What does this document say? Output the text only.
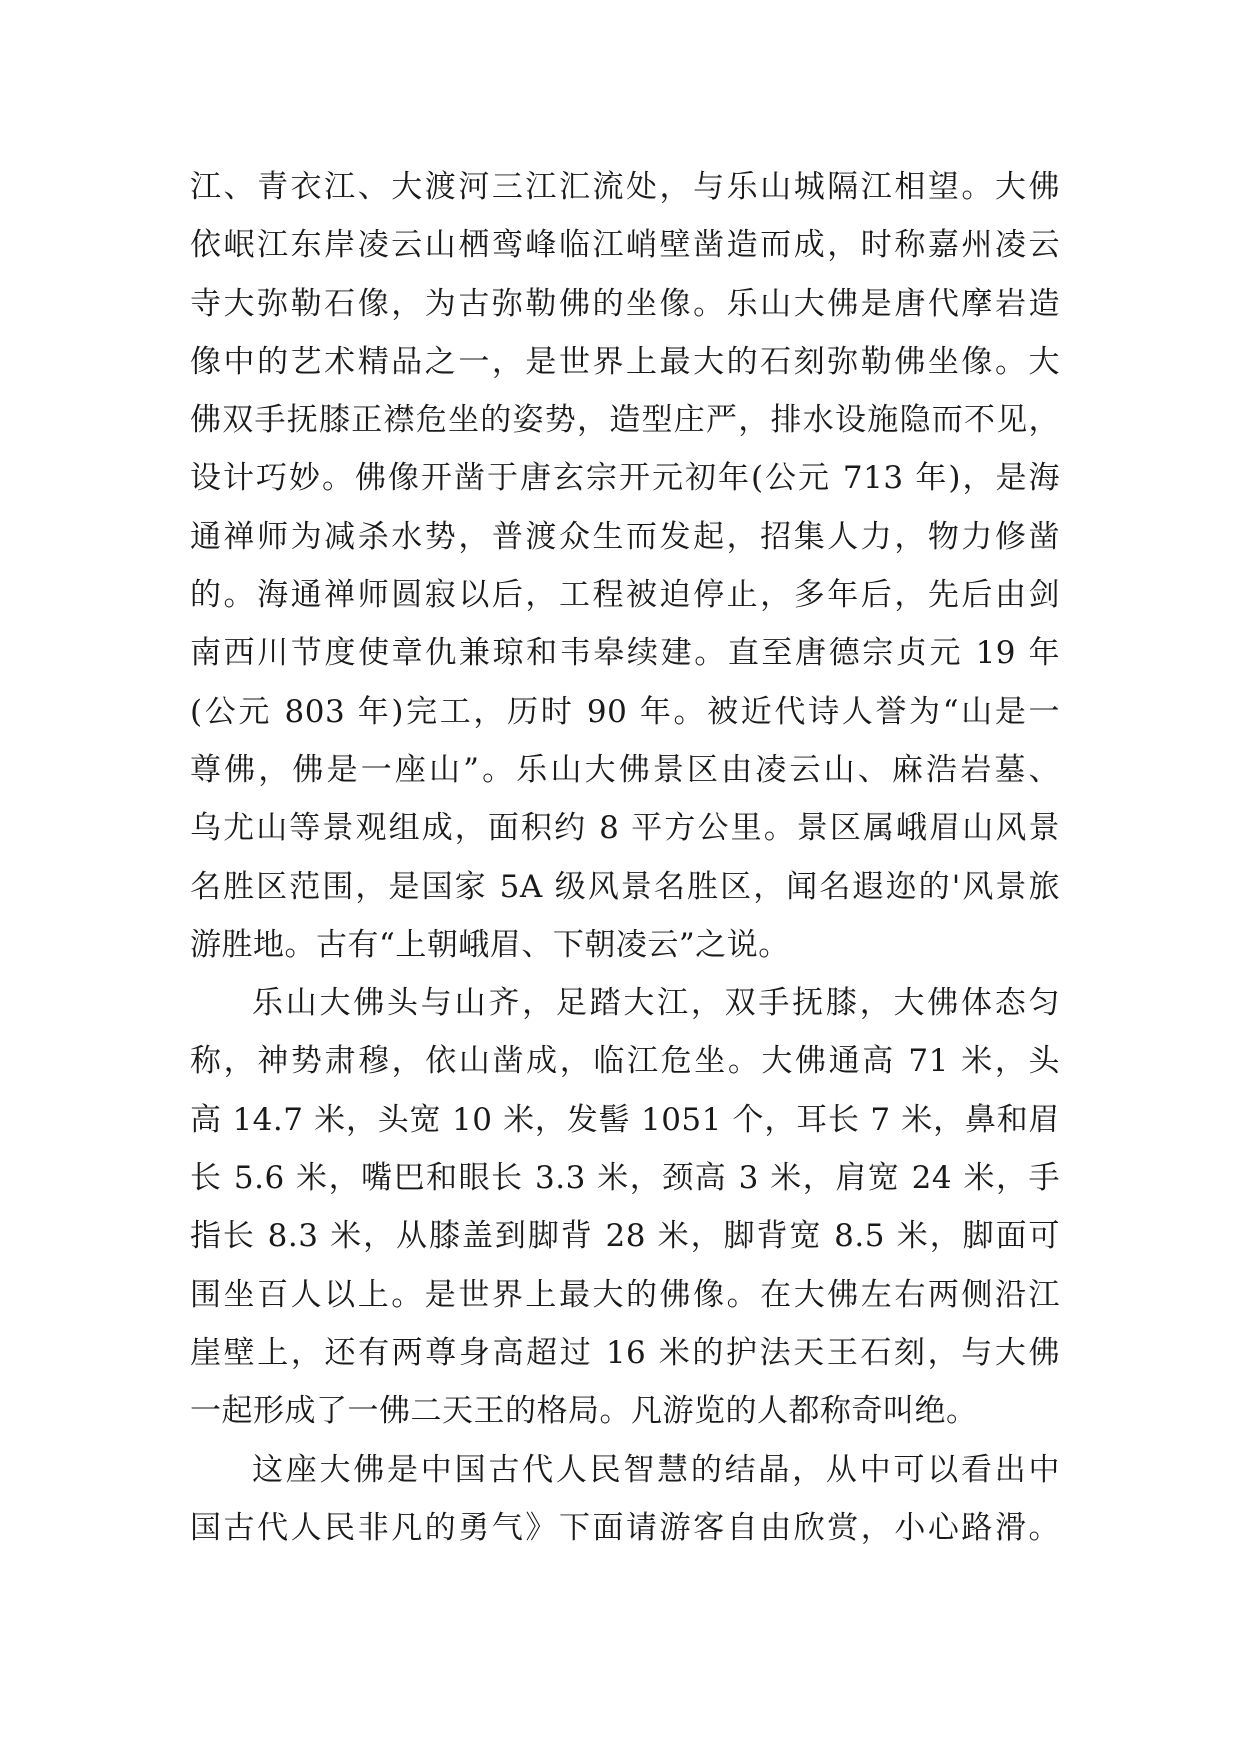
江、青衣江、大渡河三江汇流处，与乐山城隔江相望。大佛
依岷江东岸凌云山栖鸾峰临江峭壁凿造而成，时称嘉州凌云
寺大弥勒石像，为古弥勒佛的坐像。乐山大佛是唐代摩岩造
像中的艺术精品之一，是世界上最大的石刻弥勒佛坐像。大
佛双手抚膝正襟危坐的姿势，造型庄严，排水设施隐而不见，
设计巧妙。佛像开凿于唐玄宗开元初年(公元 713 年)，是海
通禅师为减杀水势，普渡众生而发起，招集人力，物力修凿
的。海通禅师圆寂以后，工程被迫停止，多年后，先后由剑
南西川节度使章仇兼琼和韦皋续建。直至唐德宗贞元 19 年
(公元 803 年)完工，历时 90 年。被近代诗人誉为“山是一
尊佛，佛是一座山”。乐山大佛景区由凌云山、麻浩岩墓、
乌尤山等景观组成，面积约 8 平方公里。景区属峨眉山风景
名胜区范围，是国家 5A 级风景名胜区，闻名遐迩的'风景旅
游胜地。古有“上朝峨眉、下朝凌云”之说。
乐山大佛头与山齐，足踏大江，双手抚膝，大佛体态匀
称，神势肃穆，依山凿成，临江危坐。大佛通高 71 米，头
高 14.7 米，头宽 10 米，发髻 1051 个，耳长 7 米，鼻和眉
长 5.6 米，嘴巴和眼长 3.3 米，颈高 3 米，肩宽 24 米，手
指长 8.3 米，从膝盖到脚背 28 米，脚背宽 8.5 米，脚面可
围坐百人以上。是世界上最大的佛像。在大佛左右两侧沿江
崖壁上，还有两尊身高超过 16 米的护法天王石刻，与大佛
一起形成了一佛二天王的格局。凡游览的人都称奇叫绝。
这座大佛是中国古代人民智慧的结晶，从中可以看出中
国古代人民非凡的勇气》下面请游客自由欣赏，小心路滑。
